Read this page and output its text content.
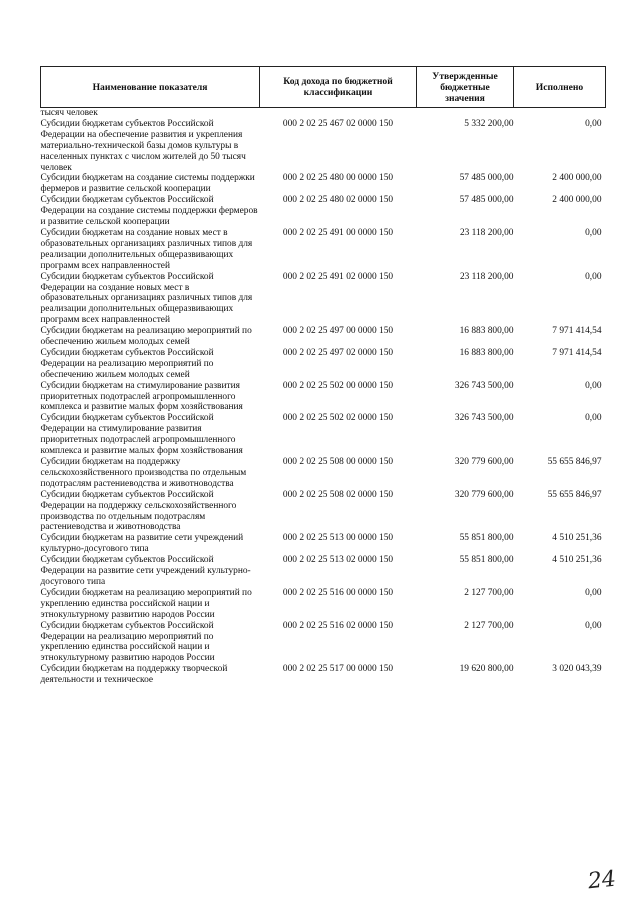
Наименование показателя	Код дохода по бюджетной классификации	Утвержденные бюджетные значения	Исполнено
тысяч человек			
Субсидии бюджетам субъектов Российской Федерации на обеспечение развития и укрепления материально-технической базы домов культуры в населенных пунктах с числом жителей до 50 тысяч человек	000 2 02 25 467 02 0000 150	5 332 200,00	0,00
Субсидии бюджетам на создание системы поддержки фермеров и развитие сельской кооперации	000 2 02 25 480 00 0000 150	57 485 000,00	2 400 000,00
Субсидии бюджетам субъектов Российской Федерации на создание системы поддержки фермеров и развитие сельской кооперации	000 2 02 25 480 02 0000 150	57 485 000,00	2 400 000,00
Субсидии бюджетам на создание новых мест в образовательных организациях различных типов для реализации дополнительных общеразвивающих программ всех направленностей	000 2 02 25 491 00 0000 150	23 118 200,00	0,00
Субсидии бюджетам субъектов Российской Федерации на создание новых мест в образовательных организациях различных типов для реализации дополнительных общеразвивающих программ всех направленностей	000 2 02 25 491 02 0000 150	23 118 200,00	0,00
Субсидии бюджетам на реализацию мероприятий по обеспечению жильем молодых семей	000 2 02 25 497 00 0000 150	16 883 800,00	7 971 414,54
Субсидии бюджетам субъектов Российской Федерации на реализацию мероприятий по обеспечению жильем молодых семей	000 2 02 25 497 02 0000 150	16 883 800,00	7 971 414,54
Субсидии бюджетам на стимулирование развития приоритетных подотраслей агропромышленного комплекса и развитие малых форм хозяйствования	000 2 02 25 502 00 0000 150	326 743 500,00	0,00
Субсидии бюджетам субъектов Российской Федерации на стимулирование развития приоритетных подотраслей агропромышленного комплекса и развитие малых форм хозяйствования	000 2 02 25 502 02 0000 150	326 743 500,00	0,00
Субсидии бюджетам на поддержку сельскохозяйственного производства по отдельным подотраслям растениеводства и животноводства	000 2 02 25 508 00 0000 150	320 779 600,00	55 655 846,97
Субсидии бюджетам субъектов Российской Федерации на поддержку сельскохозяйственного производства по отдельным подотраслям растениеводства и животноводства	000 2 02 25 508 02 0000 150	320 779 600,00	55 655 846,97
Субсидии бюджетам на развитие сети учреждений культурно-досугового типа	000 2 02 25 513 00 0000 150	55 851 800,00	4 510 251,36
Субсидии бюджетам субъектов Российской Федерации на развитие сети учреждений культурно-досугового типа	000 2 02 25 513 02 0000 150	55 851 800,00	4 510 251,36
Субсидии бюджетам на реализацию мероприятий по укреплению единства российской нации и этнокультурному развитию народов России	000 2 02 25 516 00 0000 150	2 127 700,00	0,00
Субсидии бюджетам субъектов Российской Федерации на реализацию мероприятий по укреплению единства российской нации и этнокультурному развитию народов России	000 2 02 25 516 02 0000 150	2 127 700,00	0,00
Субсидии бюджетам на поддержку творческой деятельности и техническое	000 2 02 25 517 00 0000 150	19 620 800,00	3 020 043,39
24
